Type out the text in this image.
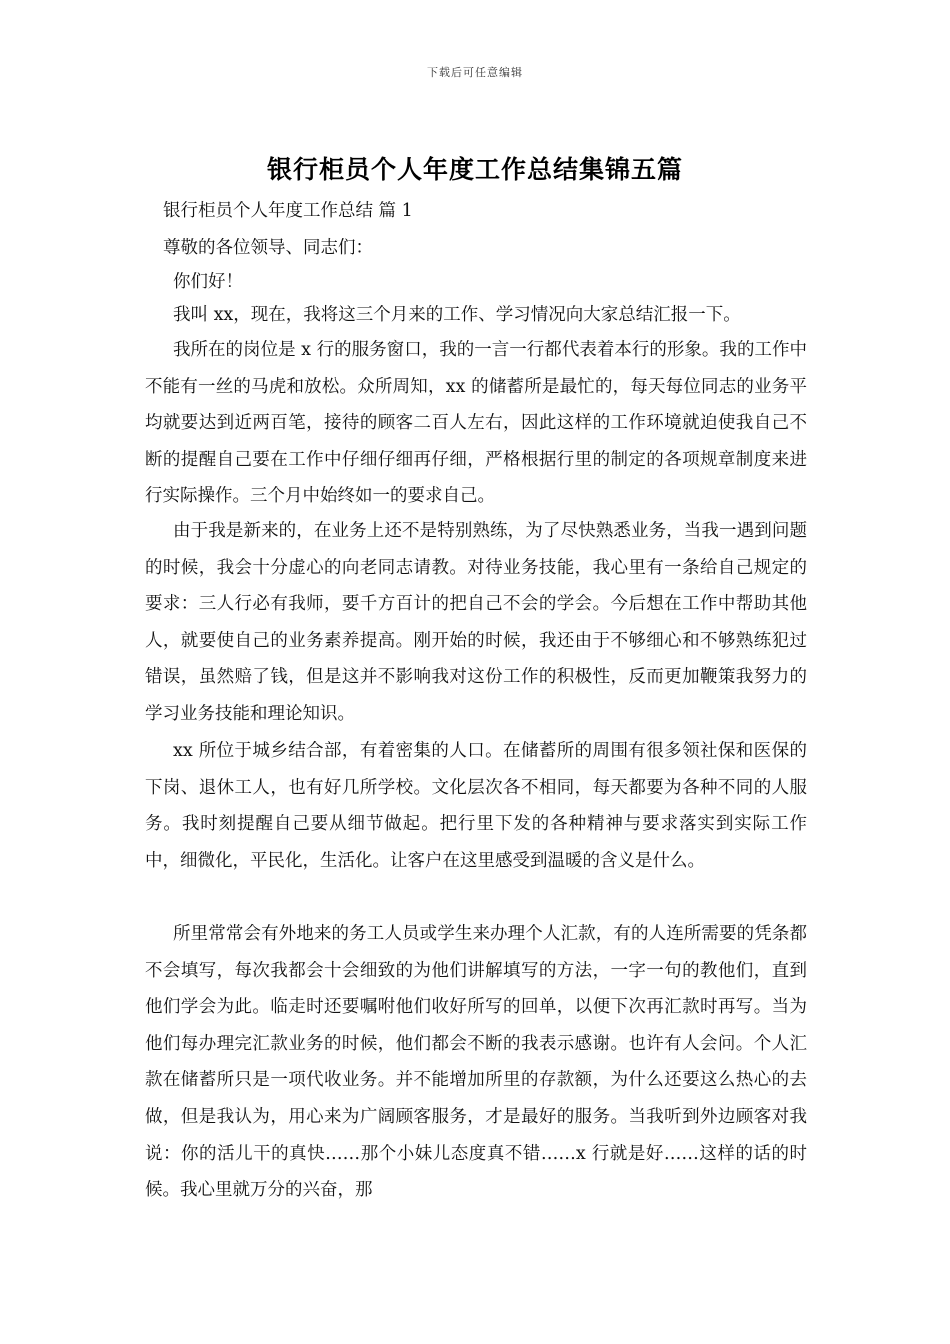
下载后可任意编辑
银行柜员个人年度工作总结集锦五篇
银行柜员个人年度工作总结 篇 1
尊敬的各位领导、同志们：
你们好！
我叫 xx，现在，我将这三个月来的工作、学习情况向大家总结汇报一下。

我所在的岗位是 x 行的服务窗口，我的一言一行都代表着本行的形象。我的工作中不能有一丝的马虎和放松。众所周知，xx 的储蓄所是最忙的，每天每位同志的业务平均就要达到近两百笔，接待的顾客二百人左右，因此这样的工作环境就迫使我自己不断的提醒自己要在工作中仔细仔细再仔细，严格根据行里的制定的各项规章制度来进行实际操作。三个月中始终如一的要求自己。

由于我是新来的，在业务上还不是特别熟练，为了尽快熟悉业务，当我一遇到问题的时候，我会十分虚心的向老同志请教。对待业务技能，我心里有一条给自己规定的要求：三人行必有我师，要千方百计的把自己不会的学会。今后想在工作中帮助其他人，就要使自己的业务素养提高。刚开始的时候，我还由于不够细心和不够熟练犯过错误，虽然赔了钱，但是这并不影响我对这份工作的积极性，反而更加鞭策我努力的学习业务技能和理论知识。

xx 所位于城乡结合部，有着密集的人口。在储蓄所的周围有很多领社保和医保的下岗、退休工人，也有好几所学校。文化层次各不相同，每天都要为各种不同的人服务。我时刻提醒自己要从细节做起。把行里下发的各种精神与要求落实到实际工作中，细微化，平民化，生活化。让客户在这里感受到温暖的含义是什么。

所里常常会有外地来的务工人员或学生来办理个人汇款，有的人连所需要的凭条都不会填写，每次我都会十会细致的为他们讲解填写的方法，一字一句的教他们，直到他们学会为此。临走时还要嘱咐他们收好所写的回单，以便下次再汇款时再写。当为他们每办理完汇款业务的时候，他们都会不断的我表示感谢。也许有人会问。个人汇款在储蓄所只是一项代收业务。并不能增加所里的存款额，为什么还要这么热心的去做，但是我认为，用心来为广阔顾客服务，才是最好的服务。当我听到外边顾客对我说：你的活儿干的真快……那个小妹儿态度真不错……x 行就是好……这样的话的时候。我心里就万分的兴奋，那
